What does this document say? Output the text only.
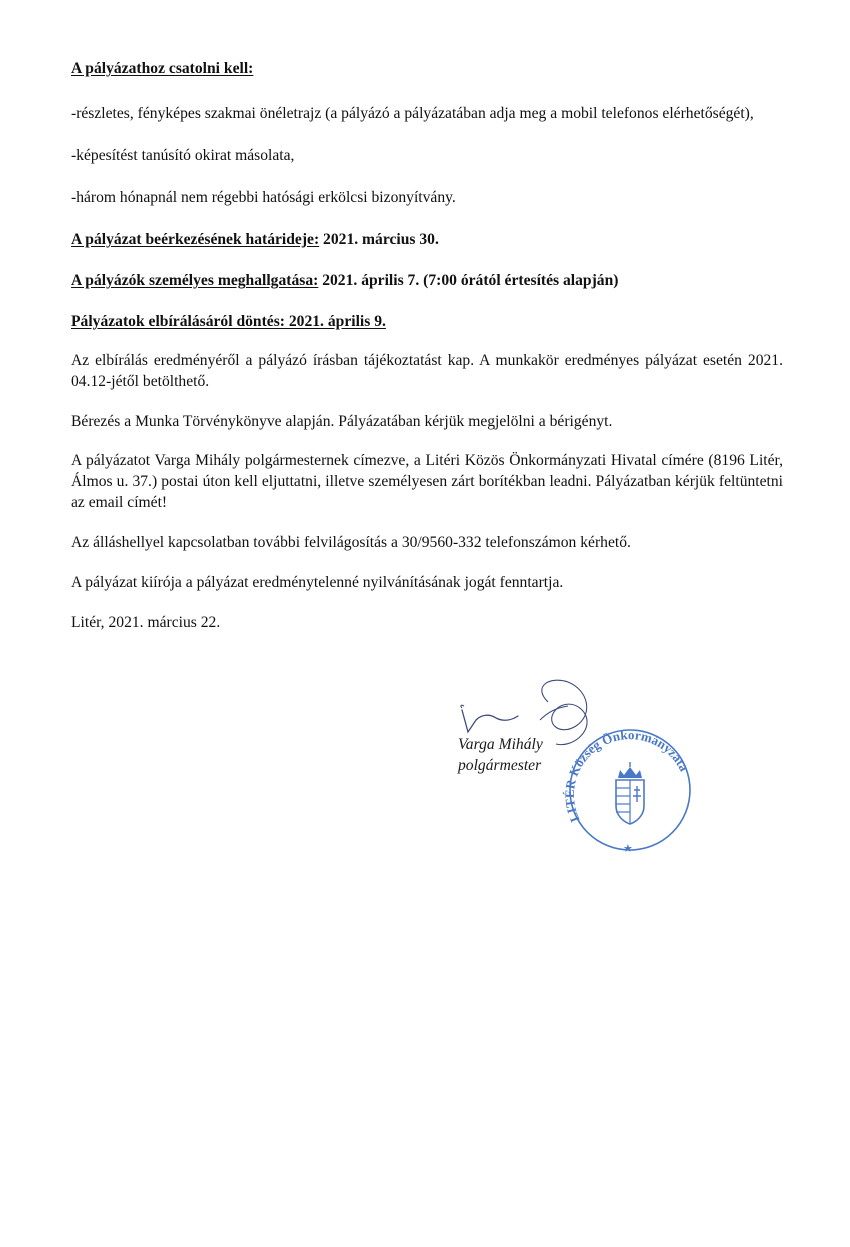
A pályázathoz csatolni kell:

-részletes, fényképes szakmai önéletrajz (a pályázó a pályázatában adja meg a mobil telefonos elérhetőségét),

-képesítést tanúsító okirat másolata,

-három hónapnál nem régebbi hatósági erkölcsi bizonyítvány.

A pályázat beérkezésének határideje: 2021. március 30.

A pályázók személyes meghallgatása: 2021. április 7. (7:00 órától értesítés alapján)

Pályázatok elbírálásáról döntés: 2021. április 9.

Az elbírálás eredményéről a pályázó írásban tájékoztatást kap. A munkakör eredményes pályázat esetén 2021. 04.12-jétől betölthető.

Bérezés a Munka Törvénykönyve alapján. Pályázatában kérjük megjelölni a bérigényt.

A pályázatot Varga Mihály polgármesternek címezve, a Litéri Közös Önkormányzati Hivatal címére (8196 Litér, Álmos u. 37.) postai úton kell eljuttatni, illetve személyesen zárt borítékban leadni. Pályázatban kérjük feltüntetni az email címét!

Az álláshellyel kapcsolatban további felvilágosítás a 30/9560-332 telefonszámon kérhető.

A pályázat kiírója a pályázat eredménytelenné nyilvánításának jogát fenntartja.

Litér, 2021. március 22.

Varga Mihály
polgármester
LITÉR Község Önkormányzata
★
